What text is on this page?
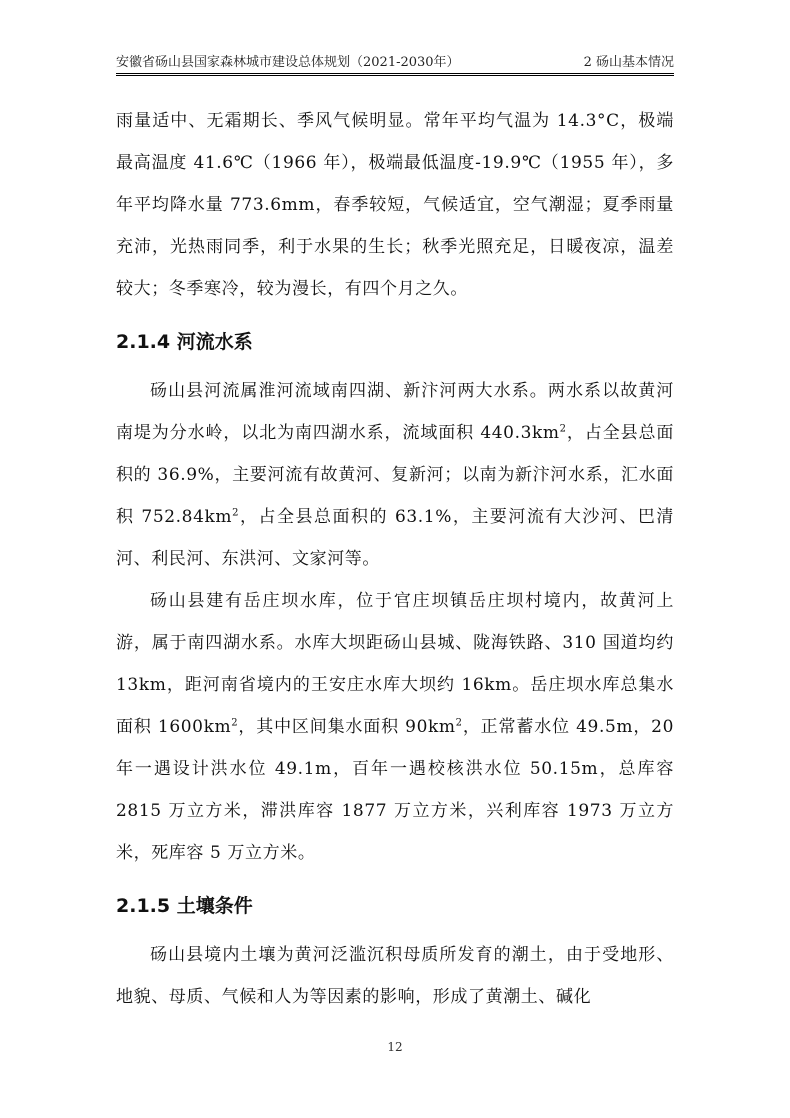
安徽省砀山县国家森林城市建设总体规划（2021-2030年）	2 砀山基本情况

雨量适中、无霜期长、季风气候明显。常年平均气温为 14.3°C，极端最高温度 41.6℃（1966 年），极端最低温度-19.9℃（1955 年），多年平均降水量 773.6mm，春季较短，气候适宜，空气潮湿；夏季雨量充沛，光热雨同季，利于水果的生长；秋季光照充足，日暖夜凉，温差较大；冬季寒冷，较为漫长，有四个月之久。

2.1.4 河流水系

砀山县河流属淮河流域南四湖、新汴河两大水系。两水系以故黄河南堤为分水岭，以北为南四湖水系，流域面积 $440.3km^2$，占全县总面积的 36.9%，主要河流有故黄河、复新河；以南为新汴河水系，汇水面积 $752.84km^2$，占全县总面积的 63.1%，主要河流有大沙河、巴清河、利民河、东洪河、文家河等。

砀山县建有岳庄坝水库，位于官庄坝镇岳庄坝村境内，故黄河上游，属于南四湖水系。水库大坝距砀山县城、陇海铁路、310 国道均约 13km，距河南省境内的王安庄水库大坝约 16km。岳庄坝水库总集水面积 $1600km^2$，其中区间集水面积 $90km^2$，正常蓄水位 49.5m，20 年一遇设计洪水位 49.1m，百年一遇校核洪水位 50.15m，总库容 2815 万立方米，滞洪库容 1877 万立方米，兴利库容 1973 万立方米，死库容 5 万立方米。

2.1.5 土壤条件

砀山县境内土壤为黄河泛滥沉积母质所发育的潮土，由于受地形、地貌、母质、气候和人为等因素的影响，形成了黄潮土、碱化

12
